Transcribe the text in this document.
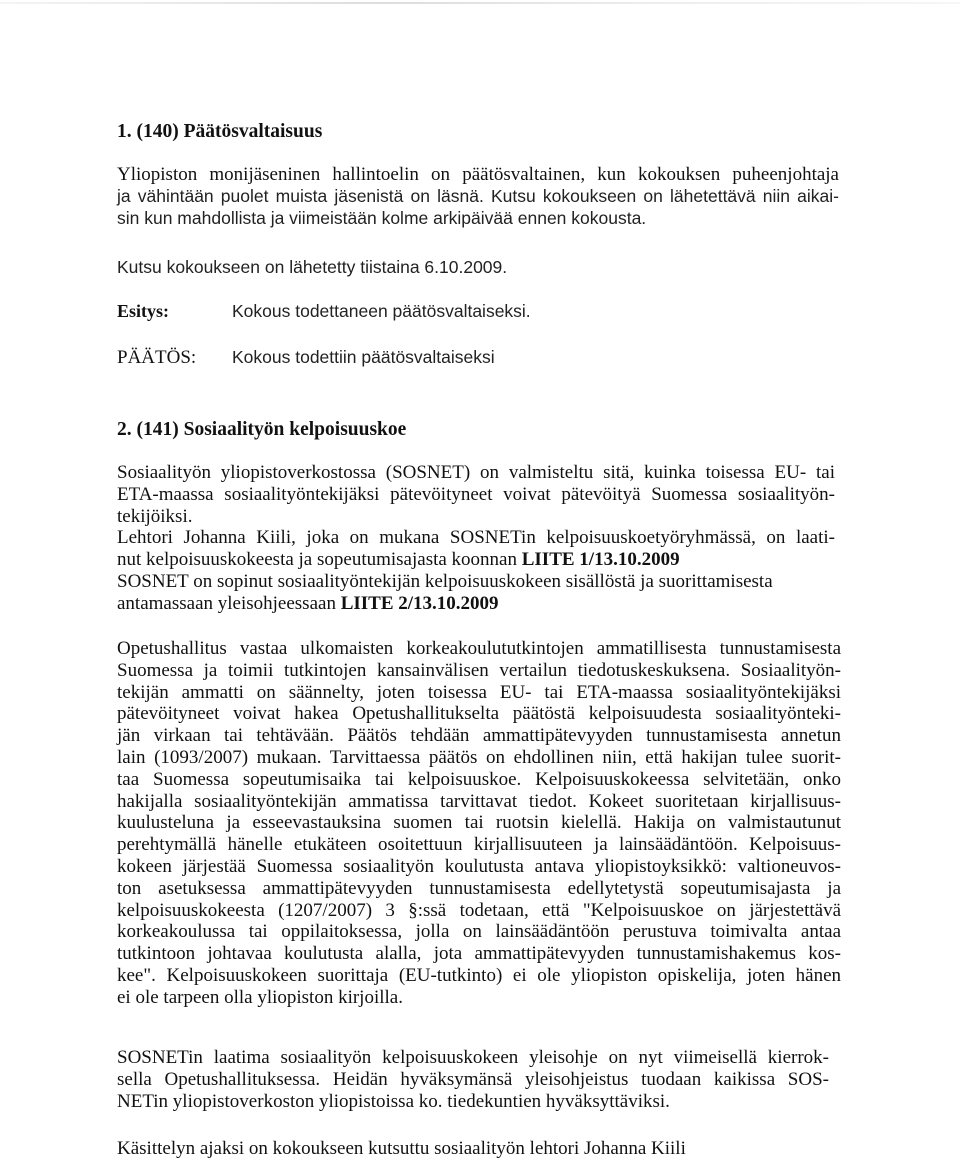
1. (140) Päätösvaltaisuus
Yliopiston monijäseninen hallintoelin on päätösvaltainen, kun kokouksen puheenjohtaja
ja vähintään puolet muista jäsenistä on läsnä. Kutsu kokoukseen on lähetettävä niin aikai-
sin kun mahdollista ja viimeistään kolme arkipäivää ennen kokousta.
Kutsu kokoukseen on lähetetty tiistaina 6.10.2009.
Esitys:	Kokous todettaneen päätösvaltaiseksi.
PÄÄTÖS: Kokous todettiin päätösvaltaiseksi
2. (141) Sosiaalityön kelpoisuuskoe
Sosiaalityön yliopistoverkostossa (SOSNET) on valmisteltu sitä, kuinka toisessa EU- tai
ETA-maassa sosiaalityöntekijäksi pätevöityneet voivat pätevöityä Suomessa sosiaalityön-
tekijöiksi.
Lehtori Johanna Kiili, joka on mukana SOSNETin kelpoisuuskoetyöryhmässä, on laati-
nut kelpoisuuskokeesta ja sopeutumisajasta koonnan LIITE 1/13.10.2009
SOSNET on sopinut sosiaalityöntekijän kelpoisuuskokeen sisällöstä ja suorittamisesta
antamassaan yleisohjeessaan LIITE 2/13.10.2009
Opetushallitus vastaa ulkomaisten korkeakoulututkintojen ammatillisesta tunnustamisesta
Suomessa ja toimii tutkintojen kansainvälisen vertailun tiedotuskeskuksena. Sosiaalityön-
tekijän ammatti on säännelty, joten toisessa EU- tai ETA-maassa sosiaalityöntekijäksi
pätevöityneet voivat hakea Opetushallitukselta päätöstä kelpoisuudesta sosiaalityönteki-
jän virkaan tai tehtävään. Päätös tehdään ammattipätevyyden tunnustamisesta annetun
lain (1093/2007) mukaan. Tarvittaessa päätös on ehdollinen niin, että hakijan tulee suorit-
taa Suomessa sopeutumisaika tai kelpoisuuskoe. Kelpoisuuskokeessa selvitetään, onko
hakijalla sosiaalityöntekijän ammatissa tarvittavat tiedot. Kokeet suoritetaan kirjallisuus-
kuulusteluna ja esseevastauksina suomen tai ruotsin kielellä. Hakija on valmistautunut
perehtymällä hänelle etukäteen osoitettuun kirjallisuuteen ja lainsäädäntöön. Kelpoisuus-
kokeen järjestää Suomessa sosiaalityön koulutusta antava yliopistoyksikkö: valtioneuvos-
ton asetuksessa ammattipätevyyden tunnustamisesta edellytetystä sopeutumisajasta ja
kelpoisuuskokeesta (1207/2007) 3 §:ssä todetaan, että "Kelpoisuuskoe on järjestettävä
korkeakoulussa tai oppilaitoksessa, jolla on lainsäädäntöön perustuva toimivalta antaa
tutkintoon johtavaa koulutusta alalla, jota ammattipätevyyden tunnustamishakemus kos-
kee". Kelpoisuuskokeen suorittaja (EU-tutkinto) ei ole yliopiston opiskelija, joten hänen
ei ole tarpeen olla yliopiston kirjoilla.
SOSNETin laatima sosiaalityön kelpoisuuskokeen yleisohje on nyt viimeisellä kierrok-
sella Opetushallituksessa. Heidän hyväksymänsä yleisohjeistus tuodaan kaikissa SOS-
NETin yliopistoverkoston yliopistoissa ko. tiedekuntien hyväksyttäviksi.
Käsittelyn ajaksi on kokoukseen kutsuttu sosiaalityön lehtori Johanna Kiili
